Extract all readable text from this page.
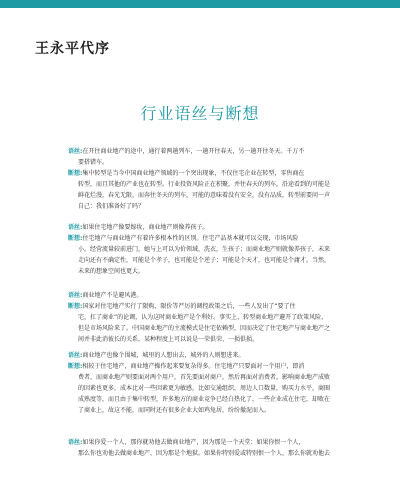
王永平代序
行业语丝与断想
语丝:在开往商业地产的途中，通行着两趟列车，一趟开往春天，另一趟开往冬天。千万不
要搭错车。
断想:集中转型是当今中国商业地产领域的一个突出现象，不仅住宅企业在转型，零售商在
转型，而且其他的产业也在转型。行业投资风险正在积聚，并往春天的列车，沿途看到的可能是
鲜花烂漫，春光无限，而奔往冬天的列车，可能的意味着没有安全，没有品质，转型前要问一声
自己：我们准备好了吗？
语丝:如果住宅地产像要嫁妆，商业地产则像养孩子。
断想:住宅地产与商业地产有着许多根本性的区别。住宅产品基本就可以交现，市场风险
小，经营流量较前进门，她与上可以为价领域，洗衣，生孩子；而商业地产则就像养孩子，未来
走向还有不确定性，可能是个孝子，也可能是个逆子；可能是个天才，也可能是个庸才。当然，
未来的想象空间也更大。
语丝:商业地产不是避风港。
断想:国家对住宅地产实行了限购、限价等严厉的调控政策之后，一些人发出了“要了住
宅，扛了商业”的论调，认为这时商业地产是个利好。事实上，转型商业地产避开了政策风险，
但是市场风险来了。中国商业地产的主流模式是住宅依赖型，因而决定了住宅地产与商业地产之
间并非此消彼长的关系，某种程度上可以说是一荣俱荣、一损俱损。
语丝:商业地产也像个围城，城里的人想出去，城外的人则想进来。
断想:相较于住宅地产，商业地产操作起来要复杂得多。住宅地产只要面对一个用户，即消
费者，而商业地产则要面对两个用户，首先要面对商户，然后再面对消费者。影响商业地产成败
的因素也更多，成本比对一些因素更为敏感，比如交通组织，周边人口数量，购买力水平，商圈
成熟度等，而且由于集中转型，许多地方的商业竞争已经白热化了，一些企业成在住宅，却败在
了商业上，故这不能，而同时还有很多企业大如鸡兔居，纷纷撤泥而入。
语丝:如果你爱一个人，那你就劝他去做商业地产，因为那是一个天堂；如果你恨一个人，
那么你也劝他去做商业地产，因为那是个地狱。如果你特别爱或特别恨一个人，那么你就劝他去
